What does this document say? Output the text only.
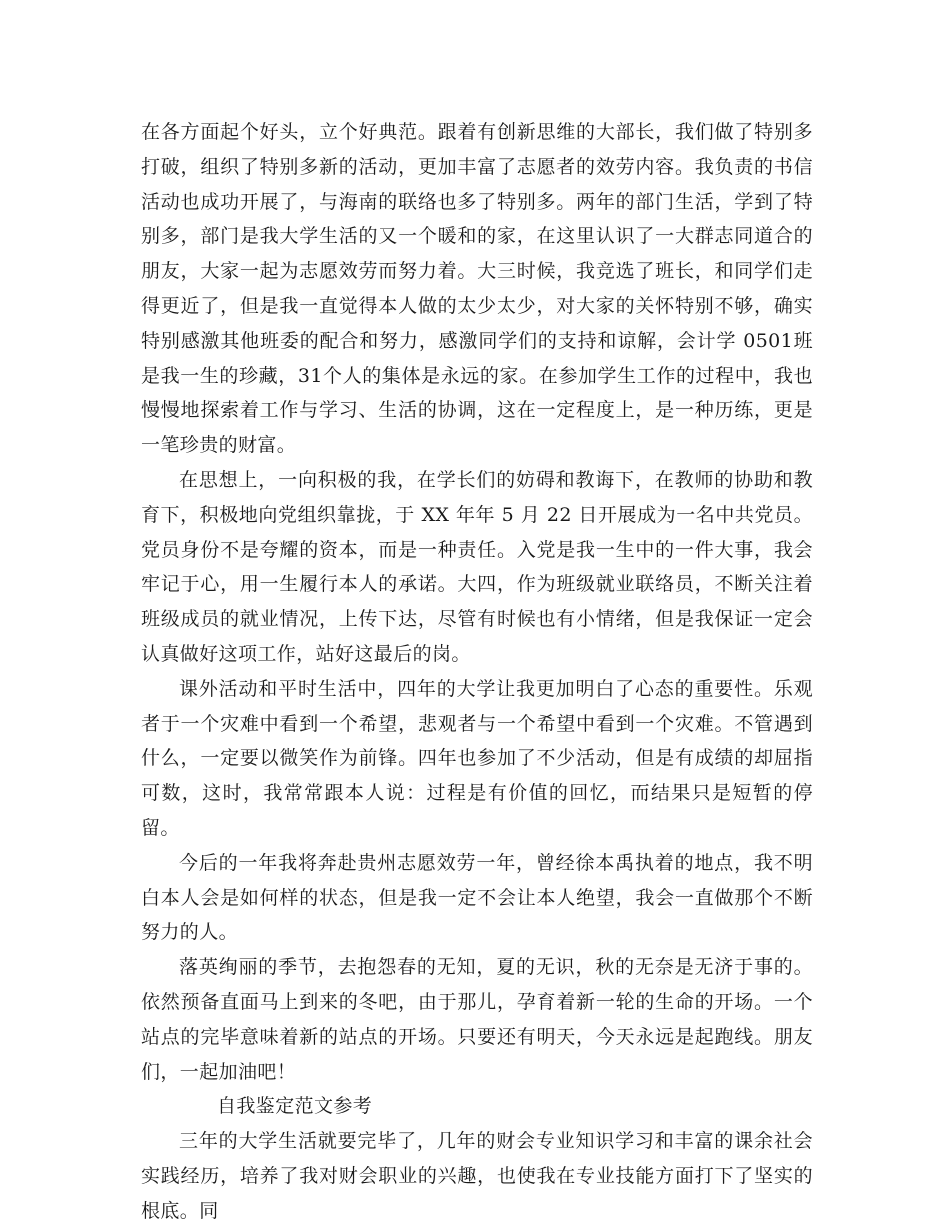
在各方面起个好头，立个好典范。跟着有创新思维的大部长，我们做了特别多打破，组织了特别多新的活动，更加丰富了志愿者的效劳内容。我负责的书信活动也成功开展了，与海南的联络也多了特别多。两年的部门生活，学到了特别多，部门是我大学生活的又一个暖和的家，在这里认识了一大群志同道合的朋友，大家一起为志愿效劳而努力着。大三时候，我竞选了班长，和同学们走得更近了，但是我一直觉得本人做的太少太少，对大家的关怀特别不够，确实特别感激其他班委的配合和努力，感激同学们的支持和谅解，会计学 0501班是我一生的珍藏，31个人的集体是永远的家。在参加学生工作的过程中，我也慢慢地探索着工作与学习、生活的协调，这在一定程度上，是一种历练，更是一笔珍贵的财富。

在思想上，一向积极的我，在学长们的妨碍和教诲下，在教师的协助和教育下，积极地向党组织靠拢，于 XX 年年 5 月 22 日开展成为一名中共党员。党员身份不是夸耀的资本，而是一种责任。入党是我一生中的一件大事，我会牢记于心，用一生履行本人的承诺。大四，作为班级就业联络员，不断关注着班级成员的就业情况，上传下达，尽管有时候也有小情绪，但是我保证一定会认真做好这项工作，站好这最后的岗。

课外活动和平时生活中，四年的大学让我更加明白了心态的重要性。乐观者于一个灾难中看到一个希望，悲观者与一个希望中看到一个灾难。不管遇到什么，一定要以微笑作为前锋。四年也参加了不少活动，但是有成绩的却屈指可数，这时，我常常跟本人说：过程是有价值的回忆，而结果只是短暂的停留。

今后的一年我将奔赴贵州志愿效劳一年，曾经徐本禹执着的地点，我不明白本人会是如何样的状态，但是我一定不会让本人绝望，我会一直做那个不断努力的人。

落英绚丽的季节，去抱怨春的无知，夏的无识，秋的无奈是无济于事的。依然预备直面马上到来的冬吧，由于那儿，孕育着新一轮的生命的开场。一个站点的完毕意味着新的站点的开场。只要还有明天，今天永远是起跑线。朋友们，一起加油吧！

自我鉴定范文参考

三年的大学生活就要完毕了，几年的财会专业知识学习和丰富的课余社会实践经历，培养了我对财会职业的兴趣，也使我在专业技能方面打下了坚实的根底。同
